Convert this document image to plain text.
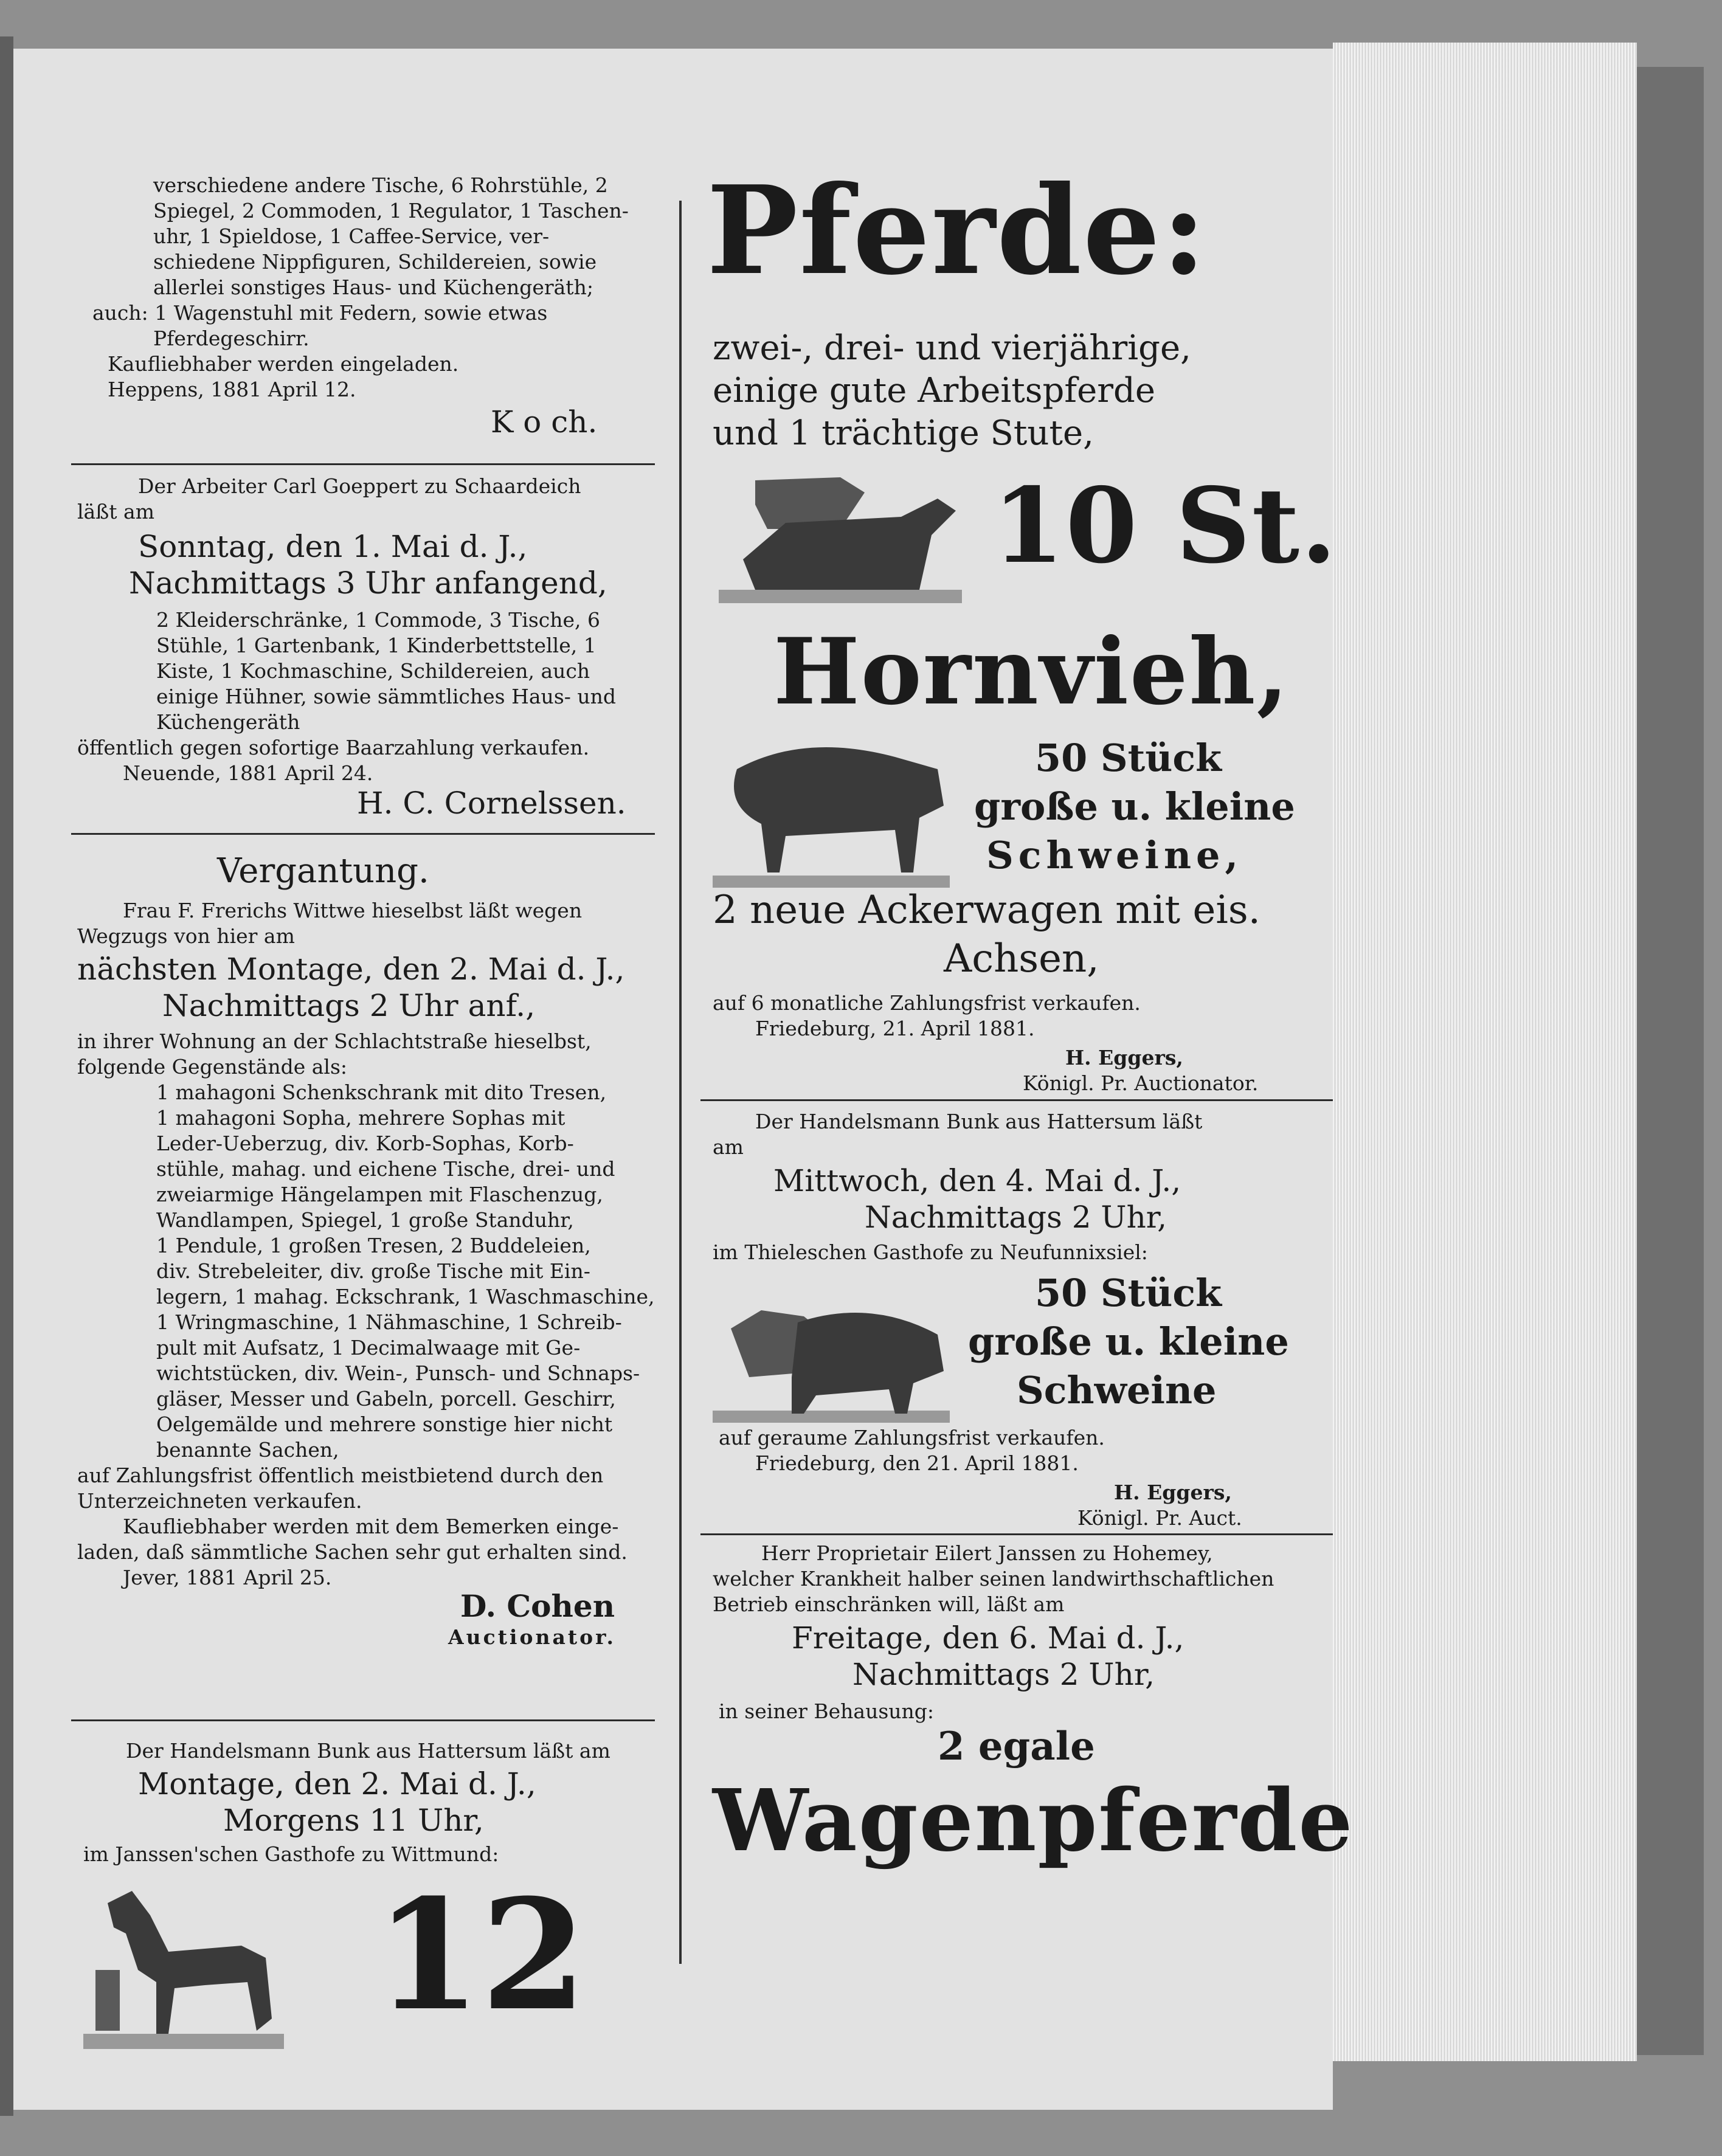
verschiedene andere Tische, 6 Rohrstühle, 2
Spiegel, 2 Commoden, 1 Regulator, 1 Taschen-
uhr, 1 Spieldose, 1 Caffee-Service, ver-
schiedene Nippfiguren, Schildereien, sowie
allerlei sonstiges Haus- und Küchengeräth;
auch: 1 Wagenstuhl mit Federn, sowie etwas
Pferdegeschirr.
Kaufliebhaber werden eingeladen.
Heppens, 1881 April 12.
K o ch.
Der Arbeiter Carl Goeppert zu Schaardeich
läßt am
Sonntag, den 1. Mai d. J.,
Nachmittags 3 Uhr anfangend,
2 Kleiderschränke, 1 Commode, 3 Tische, 6
Stühle, 1 Gartenbank, 1 Kinderbettstelle, 1
Kiste, 1 Kochmaschine, Schildereien, auch
einige Hühner, sowie sämmtliches Haus- und
Küchengeräth
öffentlich gegen sofortige Baarzahlung verkaufen.
Neuende, 1881 April 24.
H. C. Cornelssen.
Vergantung.
Frau F. Frerichs Wittwe hieselbst läßt wegen
Wegzugs von hier am
nächsten Montage, den 2. Mai d. J.,
Nachmittags 2 Uhr anf.,
in ihrer Wohnung an der Schlachtstraße hieselbst,
folgende Gegenstände als:
1 mahagoni Schenkschrank mit dito Tresen,
1 mahagoni Sopha, mehrere Sophas mit
Leder-Ueberzug, div. Korb-Sophas, Korb-
stühle, mahag. und eichene Tische, drei- und
zweiarmige Hängelampen mit Flaschenzug,
Wandlampen, Spiegel, 1 große Standuhr,
1 Pendule, 1 großen Tresen, 2 Buddeleien,
div. Strebeleiter, div. große Tische mit Ein-
legern, 1 mahag. Eckschrank, 1 Waschmaschine,
1 Wringmaschine, 1 Nähmaschine, 1 Schreib-
pult mit Aufsatz, 1 Decimalwaage mit Ge-
wichtstücken, div. Wein-, Punsch- und Schnaps-
gläser, Messer und Gabeln, porcell. Geschirr,
Oelgemälde und mehrere sonstige hier nicht
benannte Sachen,
auf Zahlungsfrist öffentlich meistbietend durch den
Unterzeichneten verkaufen.
Kaufliebhaber werden mit dem Bemerken einge-
laden, daß sämmtliche Sachen sehr gut erhalten sind.
Jever, 1881 April 25.
D. Cohen
Auctionator.
Der Handelsmann Bunk aus Hattersum läßt am
Montage, den 2. Mai d. J.,
Morgens 11 Uhr,
im Janssen'schen Gasthofe zu Wittmund:
12
Pferde:
zwei-, drei- und vierjährige,
einige gute Arbeitspferde
und 1 trächtige Stute,
10 St.
Hornvieh,
50 Stück
große u. kleine
Schweine,
2 neue Ackerwagen mit eis.
Achsen,
auf 6 monatliche Zahlungsfrist verkaufen.
Friedeburg, 21. April 1881.
H. Eggers,
Königl. Pr. Auctionator.
Der Handelsmann Bunk aus Hattersum läßt
am
Mittwoch, den 4. Mai d. J.,
Nachmittags 2 Uhr,
im Thieleschen Gasthofe zu Neufunnixsiel:
50 Stück
große u. kleine
Schweine
auf geraume Zahlungsfrist verkaufen.
Friedeburg, den 21. April 1881.
H. Eggers,
Königl. Pr. Auct.
Herr Proprietair Eilert Janssen zu Hohemey,
welcher Krankheit halber seinen landwirthschaftlichen
Betrieb einschränken will, läßt am
Freitage, den 6. Mai d. J.,
Nachmittags 2 Uhr,
in seiner Behausung:
2 egale
Wagenpferde
